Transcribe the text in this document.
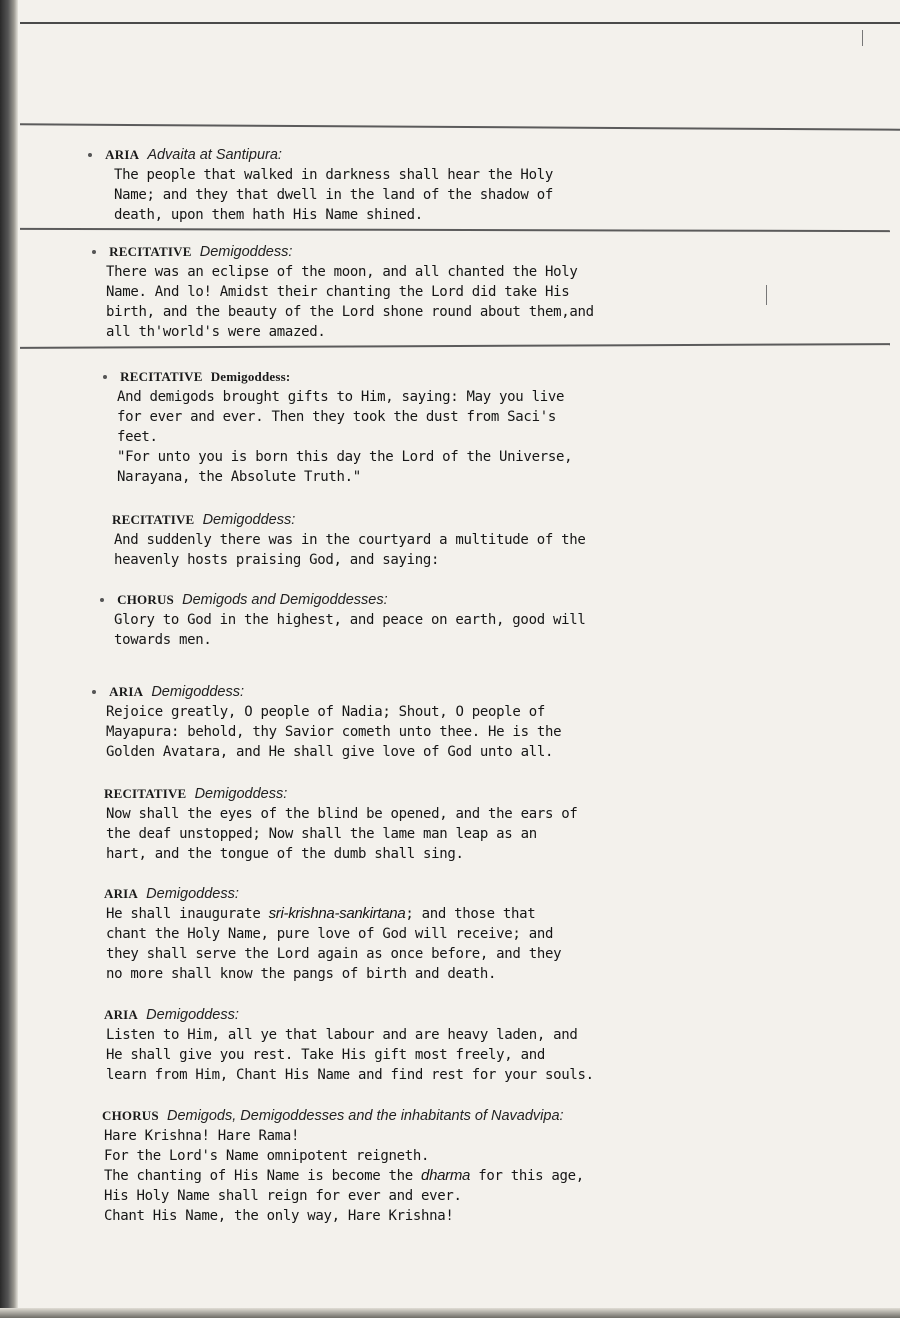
ARIA Advaita at Santipura:
The people that walked in darkness shall hear the Holy
Name; and they that dwell in the land of the shadow of
death, upon them hath His Name shined.
RECITATIVE Demigoddess:
There was an eclipse of the moon, and all chanted the Holy
Name. And lo! Amidst their chanting the Lord did take His
birth, and the beauty of the Lord shone round about them,and
all th'world's were amazed.
RECITATIVE Demigoddess:
And demigods brought gifts to Him, saying: May you live
for ever and ever. Then they took the dust from Saci's
feet.
"For unto you is born this day the Lord of the Universe,
Narayana, the Absolute Truth."
RECITATIVE Demigoddess:
And suddenly there was in the courtyard a multitude of the
heavenly hosts praising God, and saying:
CHORUS Demigods and Demigoddesses:
Glory to God in the highest, and peace on earth, good will
towards men.
ARIA Demigoddess:
Rejoice greatly, O people of Nadia; Shout, O people of
Mayapura: behold, thy Savior cometh unto thee. He is the
Golden Avatara, and He shall give love of God unto all.
RECITATIVE Demigoddess:
Now shall the eyes of the blind be opened, and the ears of
the deaf unstopped; Now shall the lame man leap as an
hart, and the tongue of the dumb shall sing.
ARIA Demigoddess:
He shall inaugurate sri-krishna-sankirtana; and those that
chant the Holy Name, pure love of God will receive; and
they shall serve the Lord again as once before, and they
no more shall know the pangs of birth and death.
ARIA Demigoddess:
Listen to Him, all ye that labour and are heavy laden, and
He shall give you rest. Take His gift most freely, and
learn from Him, Chant His Name and find rest for your souls.
CHORUS Demigods, Demigoddesses and the inhabitants of Navadvipa:
Hare Krishna! Hare Rama!
For the Lord's Name omnipotent reigneth.
The chanting of His Name is become the dharma for this age,
His Holy Name shall reign for ever and ever.
Chant His Name, the only way, Hare Krishna!
